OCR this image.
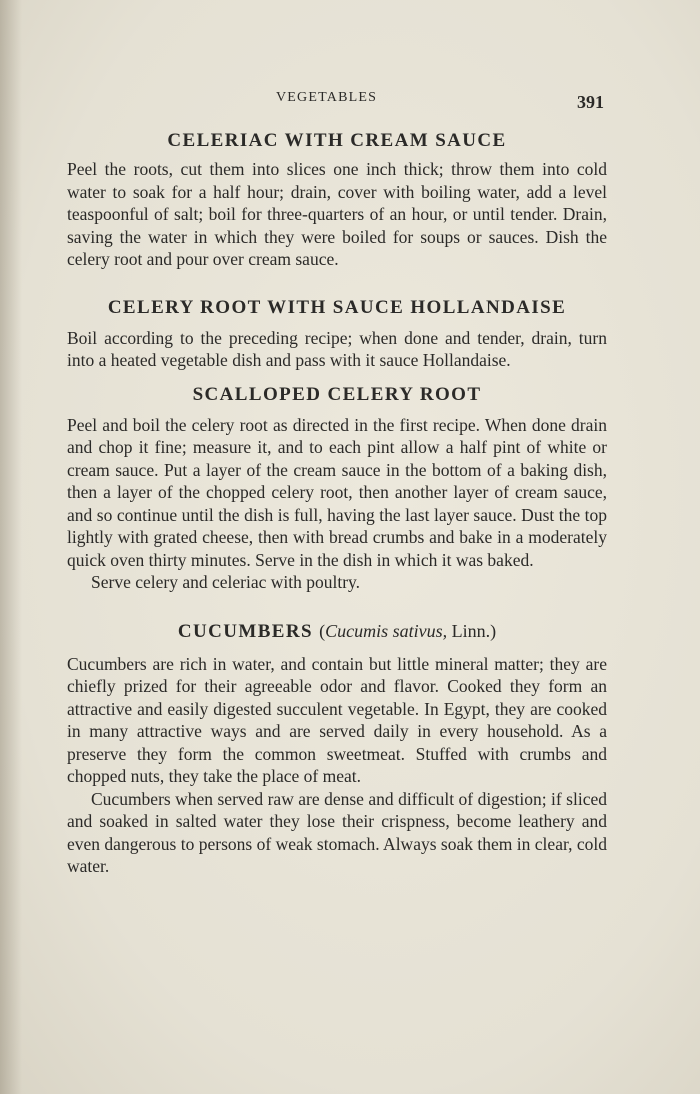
VEGETABLES	391
CELERIAC WITH CREAM SAUCE

Peel the roots, cut them into slices one inch thick; throw them into cold water to soak for a half hour; drain, cover with boiling water, add a level teaspoonful of salt; boil for three-quarters of an hour, or until tender. Drain, saving the water in which they were boiled for soups or sauces. Dish the celery root and pour over cream sauce.

CELERY ROOT WITH SAUCE HOLLANDAISE

Boil according to the preceding recipe; when done and tender, drain, turn into a heated vegetable dish and pass with it sauce Hollandaise.

SCALLOPED CELERY ROOT

Peel and boil the celery root as directed in the first recipe. When done drain and chop it fine; measure it, and to each pint allow a half pint of white or cream sauce. Put a layer of the cream sauce in the bottom of a baking dish, then a layer of the chopped celery root, then another layer of cream sauce, and so continue until the dish is full, having the last layer sauce. Dust the top lightly with grated cheese, then with bread crumbs and bake in a moderately quick oven thirty minutes. Serve in the dish in which it was baked.

Serve celery and celeriac with poultry.

CUCUMBERS (Cucumis sativus, Linn.)

Cucumbers are rich in water, and contain but little mineral matter; they are chiefly prized for their agreeable odor and flavor. Cooked they form an attractive and easily digested succulent vegetable. In Egypt, they are cooked in many attractive ways and are served daily in every household. As a preserve they form the common sweetmeat. Stuffed with crumbs and chopped nuts, they take the place of meat.

Cucumbers when served raw are dense and difficult of digestion; if sliced and soaked in salted water they lose their crispness, become leathery and even dangerous to persons of weak stomach. Always soak them in clear, cold water.
